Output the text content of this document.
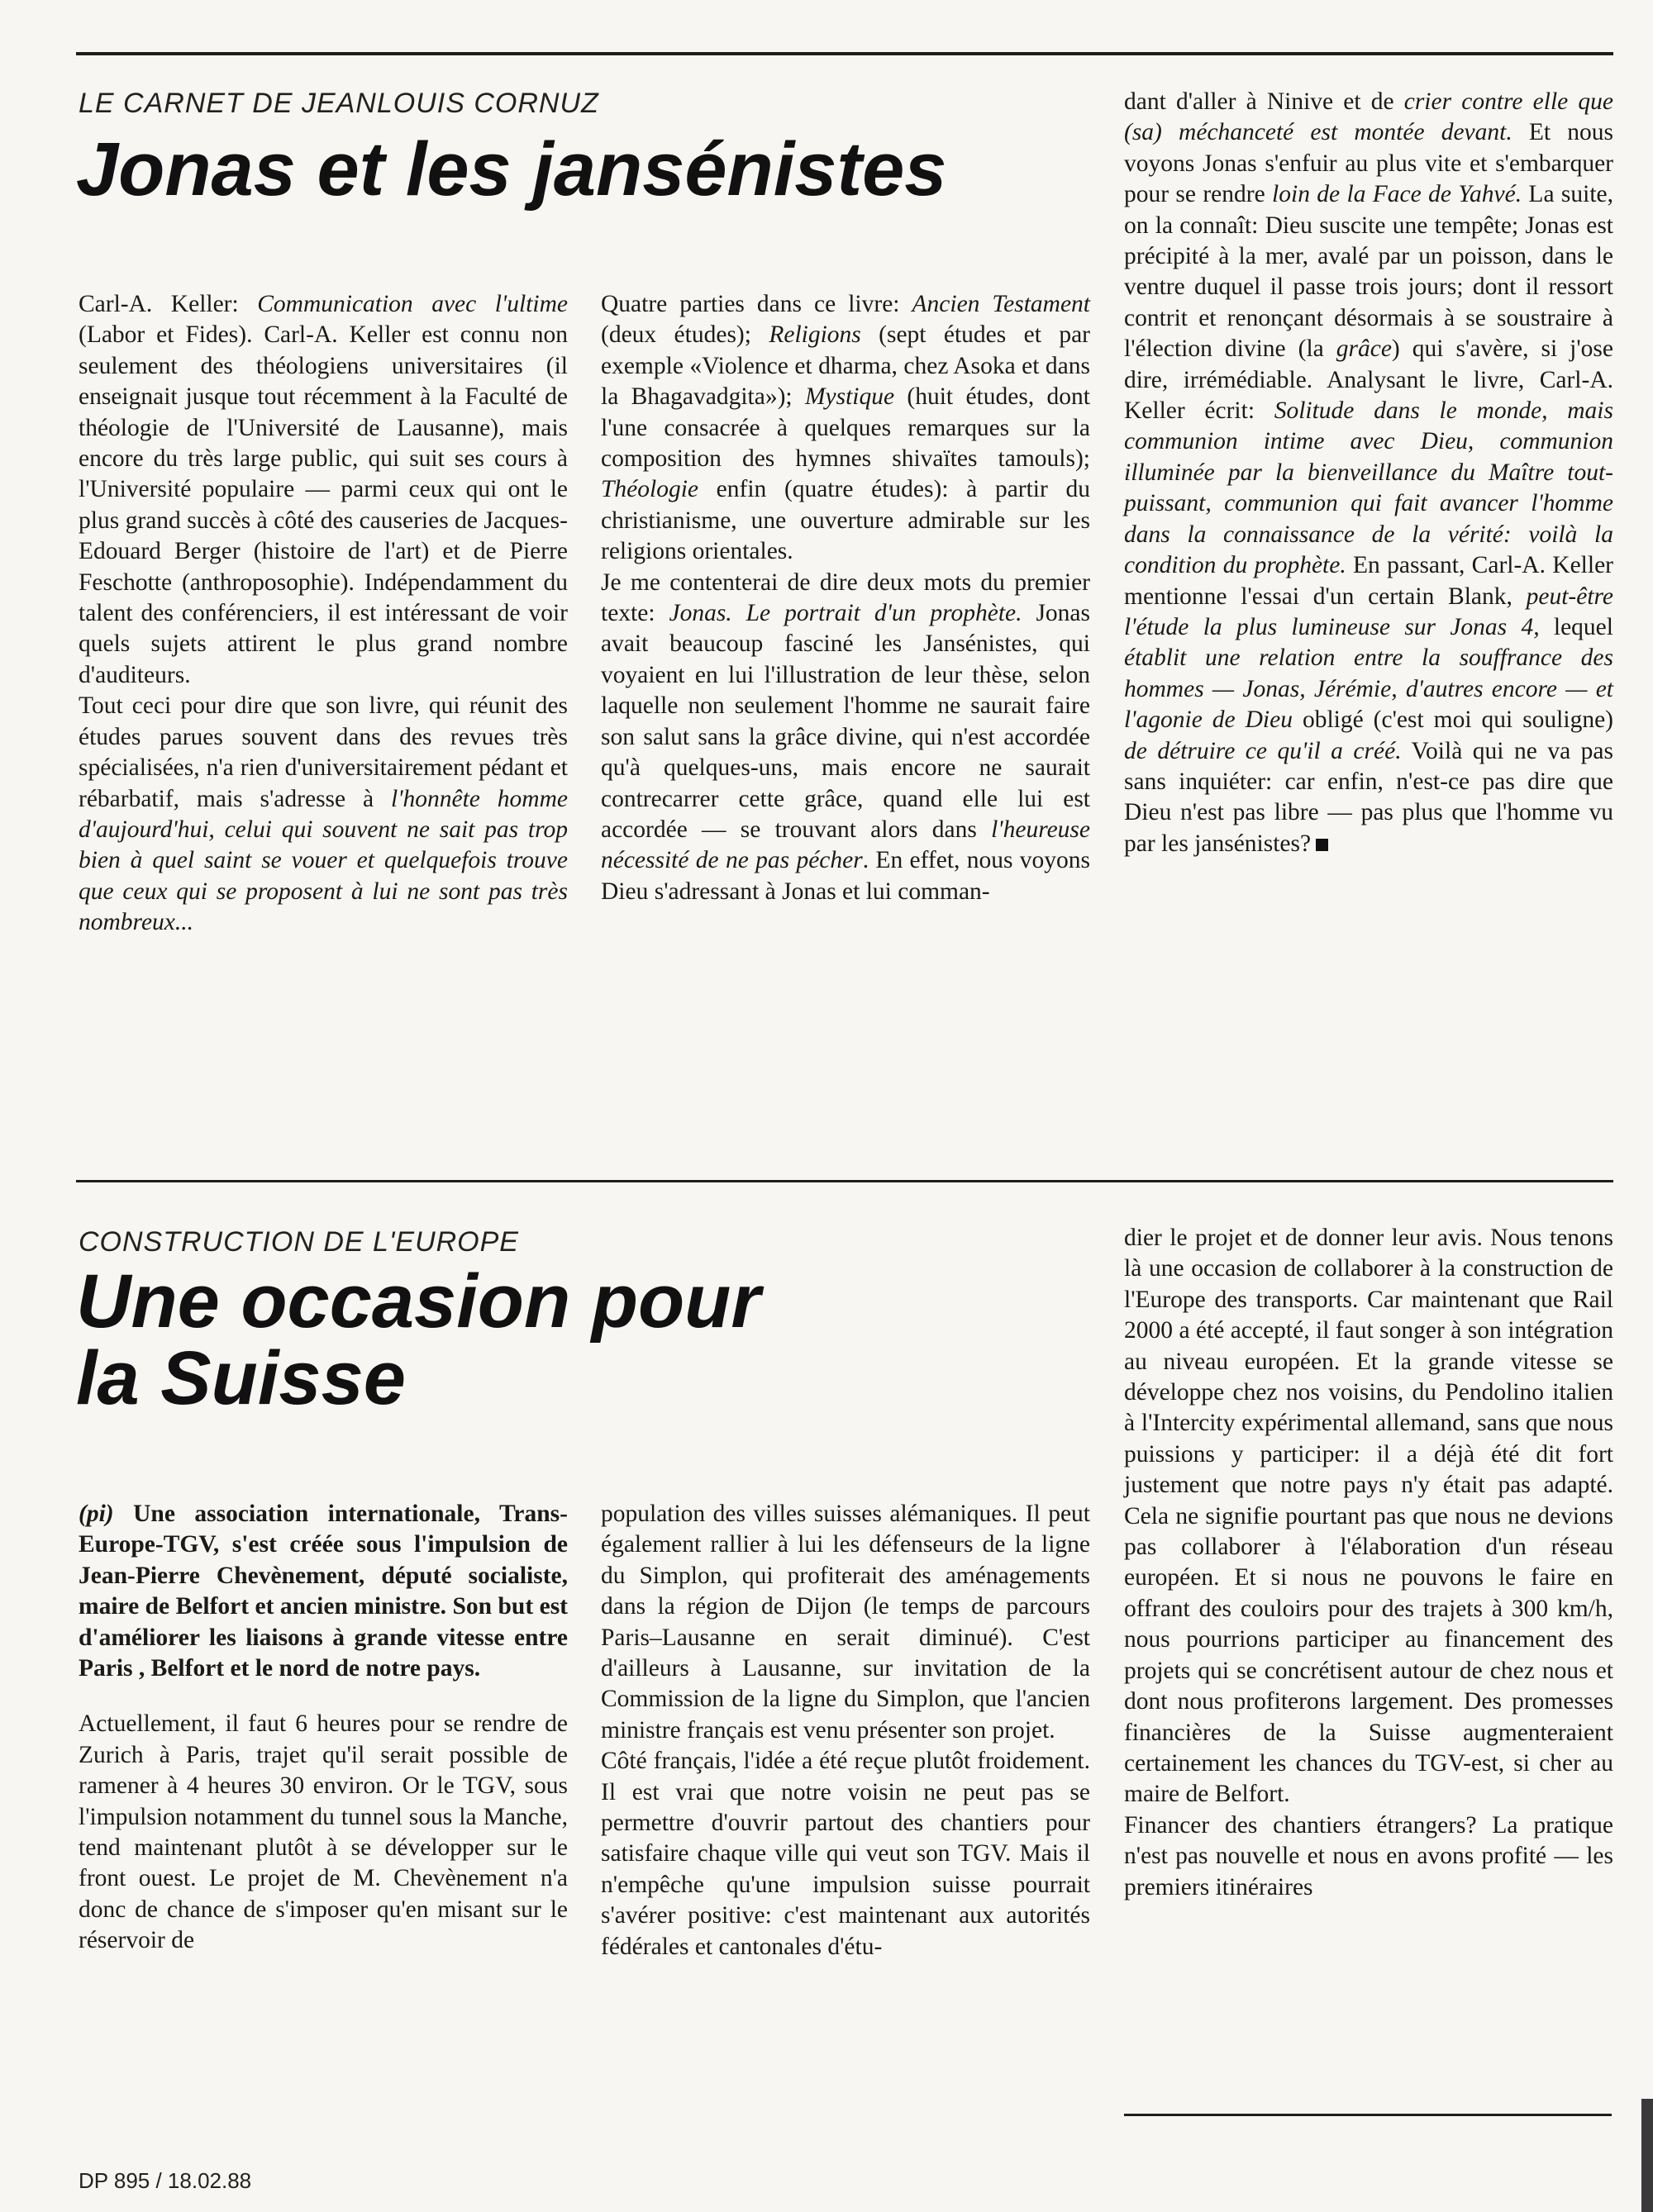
LE CARNET DE JEANLOUIS CORNUZ
Jonas et les jansénistes

Carl-A. Keller: Communication avec l'ultime (Labor et Fides). Carl-A. Keller est connu non seulement des théologiens universitaires (il enseignait jusque tout récemment à la Faculté de théologie de l'Université de Lausanne), mais encore du très large public, qui suit ses cours à l'Université populaire — parmi ceux qui ont le plus grand succès à côté des causeries de Jacques-Edouard Berger (histoire de l'art) et de Pierre Feschotte (anthroposophie). Indépendamment du talent des conférenciers, il est intéressant de voir quels sujets attirent le plus grand nombre d'auditeurs.

Tout ceci pour dire que son livre, qui réunit des études parues souvent dans des revues très spécialisées, n'a rien d'universitairement pédant et rébarbatif, mais s'adresse à l'honnête homme d'aujourd'hui, celui qui souvent ne sait pas trop bien à quel saint se vouer et quelquefois trouve que ceux qui se proposent à lui ne sont pas très nombreux...

Quatre parties dans ce livre: Ancien Testament (deux études); Religions (sept études et par exemple «Violence et dharma, chez Asoka et dans la Bhagavadgita»); Mystique (huit études, dont l'une consacrée à quelques remarques sur la composition des hymnes shivaïtes tamouls); Théologie enfin (quatre études): à partir du christianisme, une ouverture admirable sur les religions orientales.

Je me contenterai de dire deux mots du premier texte: Jonas. Le portrait d'un prophète. Jonas avait beaucoup fasciné les Jansénistes, qui voyaient en lui l'illustration de leur thèse, selon laquelle non seulement l'homme ne saurait faire son salut sans la grâce divine, qui n'est accordée qu'à quelques-uns, mais encore ne saurait contrecarrer cette grâce, quand elle lui est accordée — se trouvant alors dans l'heureuse nécessité de ne pas pécher. En effet, nous voyons Dieu s'adressant à Jonas et lui comman-

dant d'aller à Ninive et de crier contre elle que (sa) méchanceté est montée devant. Et nous voyons Jonas s'enfuir au plus vite et s'embarquer pour se rendre loin de la Face de Yahvé. La suite, on la connaît: Dieu suscite une tempête; Jonas est précipité à la mer, avalé par un poisson, dans le ventre duquel il passe trois jours; dont il ressort contrit et renonçant désormais à se soustraire à l'élection divine (la grâce) qui s'avère, si j'ose dire, irrémédiable. Analysant le livre, Carl-A. Keller écrit: Solitude dans le monde, mais communion intime avec Dieu, communion illuminée par la bienveillance du Maître tout-puissant, communion qui fait avancer l'homme dans la connaissance de la vérité: voilà la condition du prophète. En passant, Carl-A. Keller mentionne l'essai d'un certain Blank, peut-être l'étude la plus lumineuse sur Jonas 4, lequel établit une relation entre la souffrance des hommes — Jonas, Jérémie, d'autres encore — et l'agonie de Dieu obligé (c'est moi qui souligne) de détruire ce qu'il a créé. Voilà qui ne va pas sans inquiéter: car enfin, n'est-ce pas dire que Dieu n'est pas libre — pas plus que l'homme vu par les jansénistes?

CONSTRUCTION DE L'EUROPE
Une occasion pour
la Suisse

(pi) Une association internationale, Trans-Europe-TGV, s'est créée sous l'impulsion de Jean-Pierre Chevènement, député socialiste, maire de Belfort et ancien ministre. Son but est d'améliorer les liaisons à grande vitesse entre Paris , Belfort et le nord de notre pays.

Actuellement, il faut 6 heures pour se rendre de Zurich à Paris, trajet qu'il serait possible de ramener à 4 heures 30 environ. Or le TGV, sous l'impulsion notamment du tunnel sous la Manche, tend maintenant plutôt à se développer sur le front ouest. Le projet de M. Chevènement n'a donc de chance de s'imposer qu'en misant sur le réservoir de

population des villes suisses alémaniques. Il peut également rallier à lui les défenseurs de la ligne du Simplon, qui profiterait des aménagements dans la région de Dijon (le temps de parcours Paris–Lausanne en serait diminué). C'est d'ailleurs à Lausanne, sur invitation de la Commission de la ligne du Simplon, que l'ancien ministre français est venu présenter son projet.

Côté français, l'idée a été reçue plutôt froidement. Il est vrai que notre voisin ne peut pas se permettre d'ouvrir partout des chantiers pour satisfaire chaque ville qui veut son TGV. Mais il n'empêche qu'une impulsion suisse pourrait s'avérer positive: c'est maintenant aux autorités fédérales et cantonales d'étu-

dier le projet et de donner leur avis. Nous tenons là une occasion de collaborer à la construction de l'Europe des transports. Car maintenant que Rail 2000 a été accepté, il faut songer à son intégration au niveau européen. Et la grande vitesse se développe chez nos voisins, du Pendolino italien à l'Intercity expérimental allemand, sans que nous puissions y participer: il a déjà été dit fort justement que notre pays n'y était pas adapté. Cela ne signifie pourtant pas que nous ne devions pas collaborer à l'élaboration d'un réseau européen. Et si nous ne pouvons le faire en offrant des couloirs pour des trajets à 300 km/h, nous pourrions participer au financement des projets qui se concrétisent autour de chez nous et dont nous profiterons largement. Des promesses financières de la Suisse augmenteraient certainement les chances du TGV-est, si cher au maire de Belfort.

Financer des chantiers étrangers? La pratique n'est pas nouvelle et nous en avons profité — les premiers itinéraires

DP 895 / 18.02.88
